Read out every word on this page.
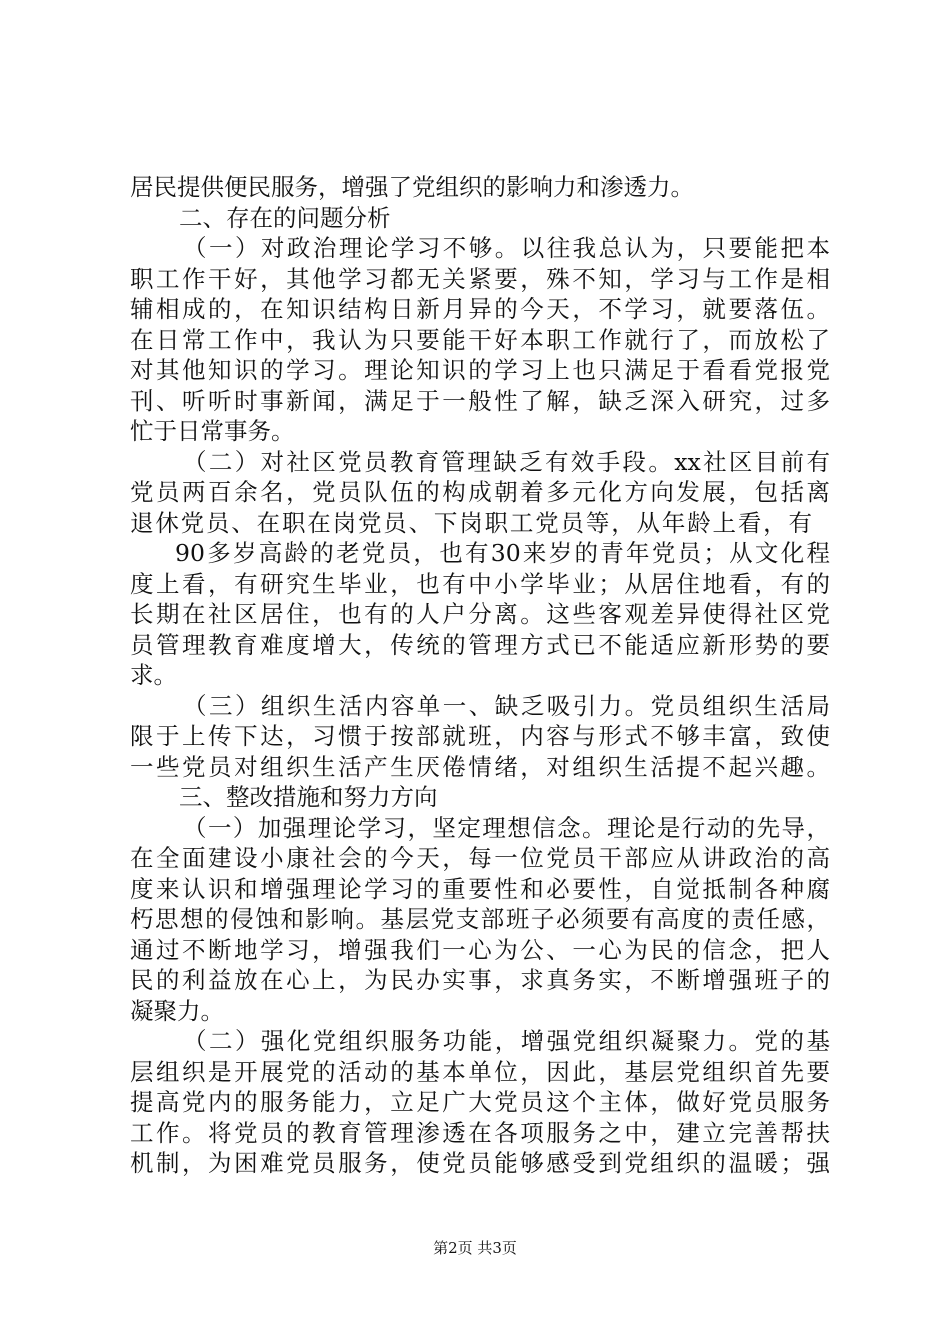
居民提供便民服务，增强了党组织的影响力和渗透力。
二、存在的问题分析
（一）对政治理论学习不够。以往我总认为，只要能把本
职工作干好，其他学习都无关紧要，殊不知，学习与工作是相
辅相成的，在知识结构日新月异的今天，不学习，就要落伍。
在日常工作中，我认为只要能干好本职工作就行了，而放松了
对其他知识的学习。理论知识的学习上也只满足于看看党报党
刊、听听时事新闻，满足于一般性了解，缺乏深入研究，过多
忙于日常事务。
（二）对社区党员教育管理缺乏有效手段。xx社区目前有
党员两百余名，党员队伍的构成朝着多元化方向发展，包括离
退休党员、在职在岗党员、下岗职工党员等，从年龄上看，有
90多岁高龄的老党员，也有30来岁的青年党员；从文化程
度上看，有研究生毕业，也有中小学毕业；从居住地看，有的
长期在社区居住，也有的人户分离。这些客观差异使得社区党
员管理教育难度增大，传统的管理方式已不能适应新形势的要
求。
（三）组织生活内容单一、缺乏吸引力。党员组织生活局
限于上传下达，习惯于按部就班，内容与形式不够丰富，致使
一些党员对组织生活产生厌倦情绪，对组织生活提不起兴趣。
三、整改措施和努力方向
（一）加强理论学习，坚定理想信念。理论是行动的先导，
在全面建设小康社会的今天，每一位党员干部应从讲政治的高
度来认识和增强理论学习的重要性和必要性，自觉抵制各种腐
朽思想的侵蚀和影响。基层党支部班子必须要有高度的责任感，
通过不断地学习，增强我们一心为公、一心为民的信念，把人
民的利益放在心上，为民办实事，求真务实，不断增强班子的
凝聚力。
（二）强化党组织服务功能，增强党组织凝聚力。党的基
层组织是开展党的活动的基本单位，因此，基层党组织首先要
提高党内的服务能力，立足广大党员这个主体，做好党员服务
工作。将党员的教育管理渗透在各项服务之中，建立完善帮扶
机制，为困难党员服务，使党员能够感受到党组织的温暖；强
第2页 共3页
